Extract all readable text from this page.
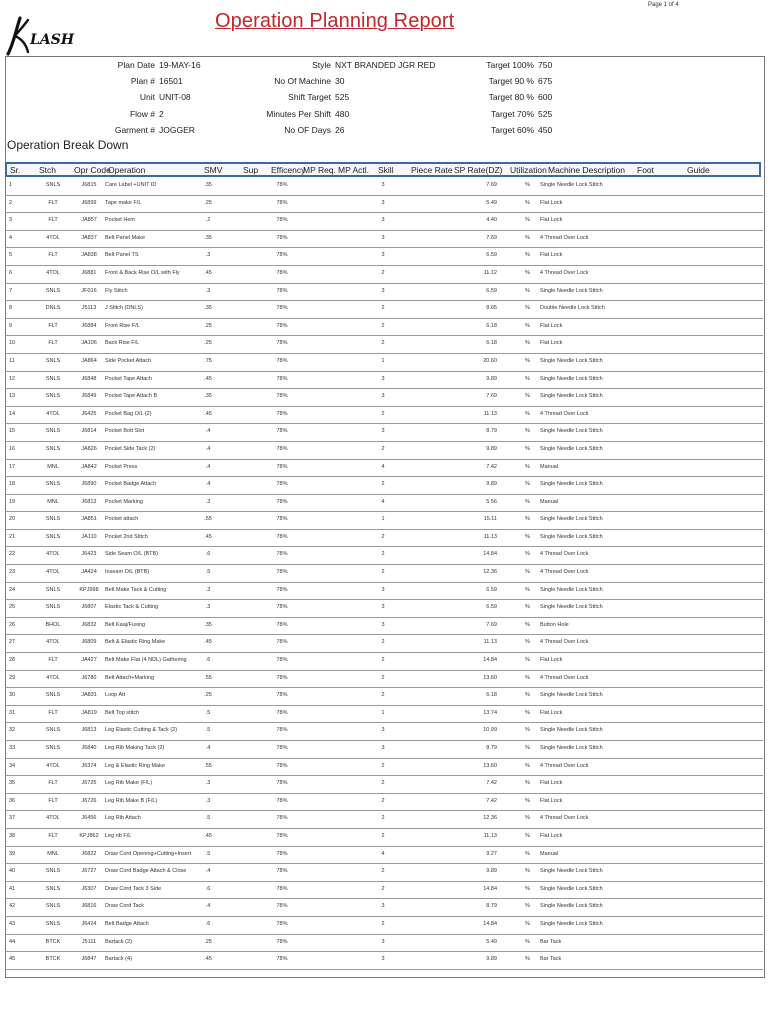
LASH
Operation Planning Report
Page 1 of 4
Plan Date 19-MAY-16
Plan # 16501
Unit UNIT-08
Flow # 2
Garment # JOGGER
Style NXT BRANDED JGR RED
No Of Machine 30
Shift Target 525
Minutes Per Shift 480
No OF Days 26
Target 100% 750
Target 90 % 675
Target 80 % 600
Target 70% 525
Target 60% 450
Operation Break Down
Sr. Stch Opr Code
Operation	SMV Sup Efficency
MP Req. MP Actl. Skill Piece Rate SP Rate(DZ) Utilization Machine Description Foot	Guide
1	SNLS	J6815	Care Label +UNIT ID	.35	78%	3	7.69	% Single Needle Lock Stitch
2	FLT	J6899	Tape make F/L	.25	78%	3	5.49	% Flat Lock
3	FLT	JA857	Pocket Hem	.2	78%	3	4.40	% Flat Lock
4	4TOL	JA837	Belt Panel Make	.35	78%	3	7.69	% 4 Thread Over Lock
5	FLT	JA838	Belt Panel TS	.3	78%	3	6.59	% Flat Lock
6	4TOL	J6881	Front & Back Rise O/L with Fly	.45	78%	2	11.12	% 4 Thread Over Lock
7	SNLS	JF016	Fly Stitch	.3	78%	3	6.59	% Single Needle Lock Stitch
8	DNLS	J5113	J Stitch (DNLS)	.35	78%	2	8.65	% Double Needle Lock Stitch
9	FLT	J6884	Front Rise F/L	.25	78%	2	6.18	% Flat Lock
10	FLT	JA106	Back Rise F/L	.25	78%	2	6.18	% Flat Lock
11	SNLS	JA864	Side Pocket Attach	.75	78%	1	20.60	% Single Needle Lock Stitch
12	SNLS	J6848	Pocket Tape Attach	.45	78%	3	9.89	% Single Needle Lock Stitch
13	SNLS	J6849	Pocket Tape Attach B	.35	78%	3	7.69	% Single Needle Lock Stitch
14	4TOL	J6425	Pocket Bag O/L (2)	.45	78%	2	11.13	% 4 Thread Over Lock
15	SNLS	J6814	Pocket Bott Slot	.4	78%	3	8.79	% Single Needle Lock Stitch
16	SNLS	JA826	Pocket Side Tack (2)	.4	78%	2	9.89	% Single Needle Lock Stitch
17	MNL	JA842	Pocket Press	.4	78%	4	7.42	% Manual
18	SNLS	J6890	Pocket Badge Attach	.4	78%	2	9.89	% Single Needle Lock Stitch
19	MNL	J6813	Pocket Marking	.3	78%	4	5.56	% Manual
20	SNLS	JA851	Pocket attach	.55	78%	1	15.11	% Single Needle Lock Stitch
21	SNLS	JA110	Pocket 2nd Stitch	.45	78%	2	11.13	% Single Needle Lock Stitch
22	4TOL	J6423	Side Seam O/L (BTB)	.6	78%	2	14.84	% 4 Thread Over Lock
23	4TOL	JA424	Inseam O/L (BTB)	.5	78%	2	12.36	% 4 Thread Over Lock
24	SNLS	KPJ998	Belt Make Tack & Cutting	.3	78%	3	6.59	% Single Needle Lock Stitch
25	SNLS	J6807	Elastic Tack & Cutting	.3	78%	3	6.59	% Single Needle Lock Stitch
26	BHOL	J6832	Belt Kaaj/Fusing	.35	78%	3	7.69	% Button Hole
27	4TOL	J6809	Belt & Elastic Ring Make	.45	78%	2	11.13	% 4 Thread Over Lock
28	FLT	JA427	Belt Make Flat (4 NDL) Gathering	.6	78%	2	14.84	% Flat Lock
29	4TOL	J6780	Belt Attach+Marking	.55	78%	2	13.60	% 4 Thread Over Lock
30	SNLS	JA831	Loop Att	.25	78%	2	6.18	% Single Needle Lock Stitch
31	FLT	JA819	Belt Top stitch	.5	78%	1	13.74	% Flat Lock
32	SNLS	J6813	Leg Elastic Cutting & Tack (2)	.5	78%	3	10.99	% Single Needle Lock Stitch
33	SNLS	J6840	Leg Rib Making Tack (2)	.4	78%	3	8.79	% Single Needle Lock Stitch
34	4TOL	J6374	Leg & Elastic Ring Make	.55	78%	2	13.60	% 4 Thread Over Lock
35	FLT	J6725	Leg Rib Make (F/L)	.3	78%	2	7.42	% Flat Lock
36	FLT	J6726	Leg Rib Make B (F/L)	.3	78%	2	7.42	% Flat Lock
37	4TOL	J6456	Leg Rib Attach	.5	78%	2	12.36	% 4 Thread Over Lock
38	FLT	KPJ862	Leg rib F/L	.45	78%	2	11.13	% Flat Lock
39	MNL	J6822	Draw Cord Opening+Cutting+Insert	.5	78%	4	9.27	% Manual
40	SNLS	J6727	Draw Cord Badge Attach & Close	.4	78%	2	9.89	% Single Needle Lock Stitch
41	SNLS	J6307	Draw Cord Tack 3 Side	.6	78%	2	14.84	% Single Needle Lock Stitch
42	SNLS	J6816	Draw Cord Tack	.4	78%	3	8.79	% Single Needle Lock Stitch
43	SNLS	J6424	Belt Badge Attach	.6	78%	2	14.84	% Single Needle Lock Stitch
44	BTCK	J5111	Bartack (2)	.25	78%	3	5.49	% Bar Tack
45	BTCK	J6847	Bartack (4)	.45	78%	3	9.89	% Bar Tack
